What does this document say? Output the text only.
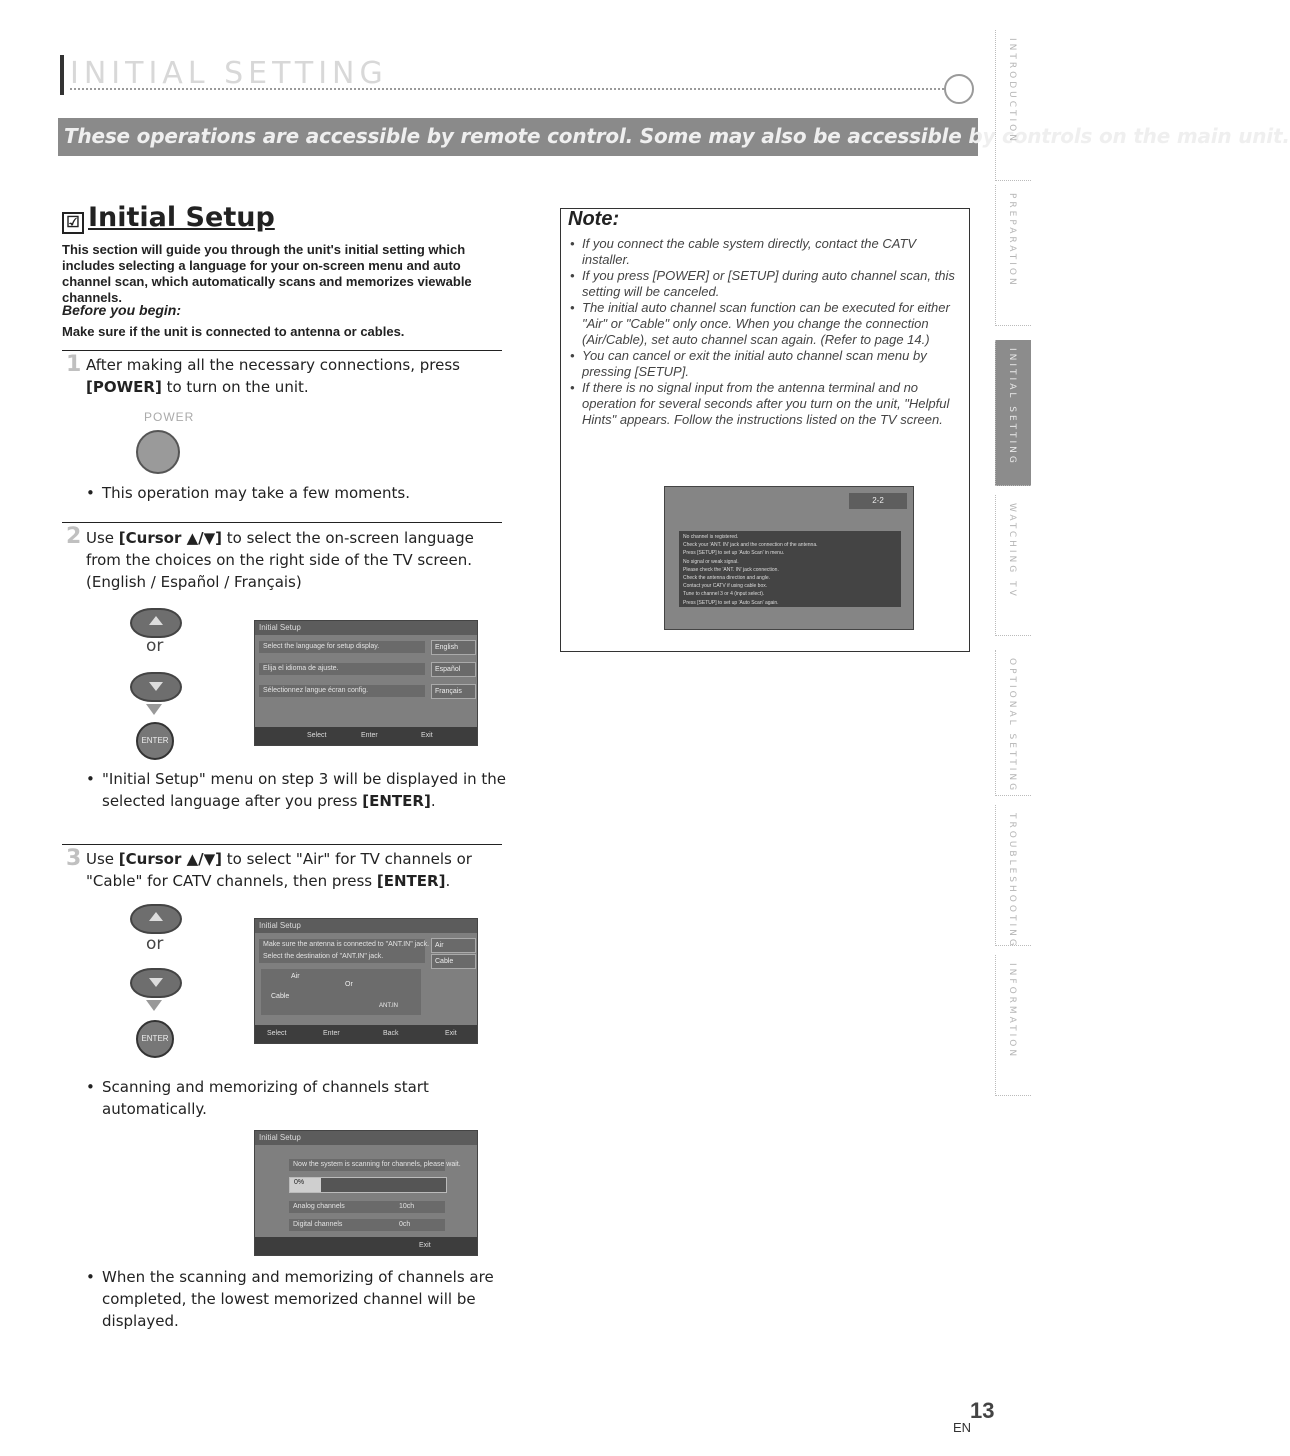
INITIAL SETTING
These operations are accessible by remote control. Some may also be accessible by controls on the main unit.
INTRODUCTION
PREPARATION
INITIAL SETTING
WATCHING TV
OPTIONAL SETTING
TROUBLESHOOTING
INFORMATION
☑ Initial Setup
This section will guide you through the unit's initial setting which includes selecting a language for your on-screen menu and auto channel scan, which automatically scans and memorizes viewable channels.
Before you begin:
Make sure if the unit is connected to antenna or cables.
1 After making all the necessary connections, press [POWER] to turn on the unit.
POWER
• This operation may take a few moments.
2 Use [Cursor ▲/▼] to select the on-screen language from the choices on the right side of the TV screen. (English / Español / Français)
or
ENTER
Initial Setup
Select the language for setup display.
Elija el idioma de ajuste.
Sélectionnez langue écran config.
English
Español
Français
Select	Enter	Exit
• "Initial Setup" menu on step 3 will be displayed in the selected language after you press [ENTER].
3 Use [Cursor ▲/▼] to select "Air" for TV channels or "Cable" for CATV channels, then press [ENTER].
or
ENTER
Initial Setup
Make sure the antenna is connected to "ANT.IN" jack.
Select the destination of "ANT.IN" jack.
Air
Cable
Or
ANT.IN
Air
Cable
Select	Enter	Back	Exit
• Scanning and memorizing of channels start automatically.
Initial Setup
Now the system is scanning for channels, please wait.
0%
Analog channels	10ch
Digital channels	0ch
Exit
• When the scanning and memorizing of channels are completed, the lowest memorized channel will be displayed.
Note:
• If you connect the cable system directly, contact the CATV installer.
• If you press [POWER] or [SETUP] during auto channel scan, this setting will be canceled.
• The initial auto channel scan function can be executed for either "Air" or "Cable" only once. When you change the connection (Air/Cable), set auto channel scan again. (Refer to page 14.)
• You can cancel or exit the initial auto channel scan menu by pressing [SETUP].
• If there is no signal input from the antenna terminal and no operation for several seconds after you turn on the unit, "Helpful Hints" appears. Follow the instructions listed on the TV screen.
2-2
No channel is registered.
Check your 'ANT. IN' jack and the connection of the antenna.
Press [SETUP] to set up 'Auto Scan' in menu.
No signal or weak signal.
Please check the 'ANT. IN' jack connection.
Check the antenna direction and angle.
Contact your CATV if using cable box.
Tune to channel 3 or 4 (input select).
Press [SETUP] to set up 'Auto Scan' again.
13
EN
